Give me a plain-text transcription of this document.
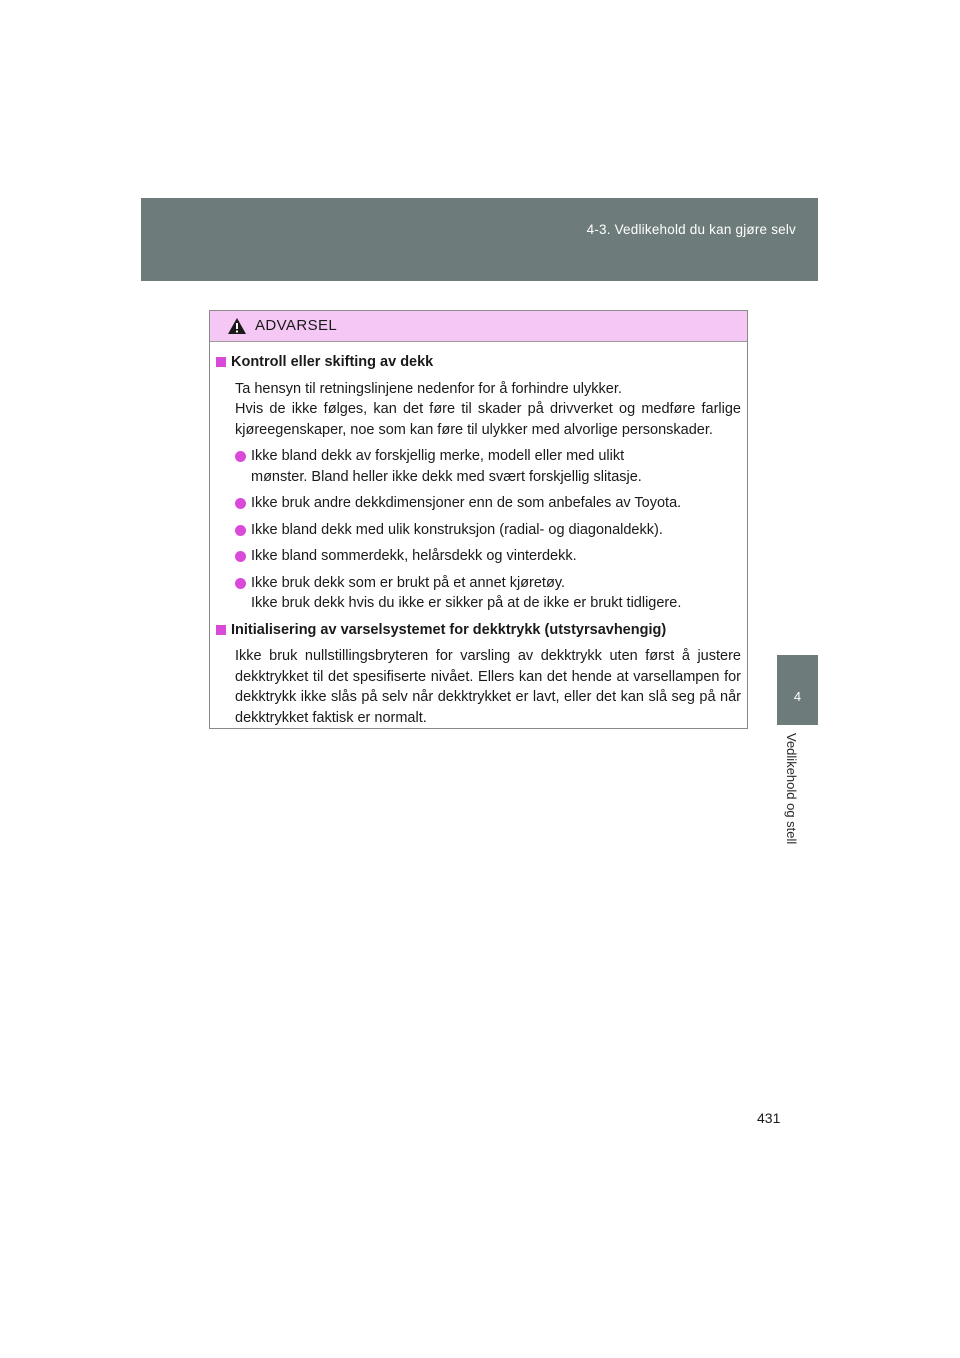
4-3. Vedlikehold du kan gjøre selv
4
Vedlikehold og stell
ADVARSEL
Kontroll eller skifting av dekk
Ta hensyn til retningslinjene nedenfor for å forhindre ulykker.
Hvis de ikke følges, kan det føre til skader på drivverket og medføre farlige kjøreegenskaper, noe som kan føre til ulykker med alvorlige personskader.
Ikke bland dekk av forskjellig merke, modell eller med ulikt
mønster. Bland heller ikke dekk med svært forskjellig slitasje.
Ikke bruk andre dekkdimensjoner enn de som anbefales av Toyota.
Ikke bland dekk med ulik konstruksjon (radial- og diagonaldekk).
Ikke bland sommerdekk, helårsdekk og vinterdekk.
Ikke bruk dekk som er brukt på et annet kjøretøy.
Ikke bruk dekk hvis du ikke er sikker på at de ikke er brukt tidligere.
Initialisering av varselsystemet for dekktrykk (utstyrsavhengig)
Ikke bruk nullstillingsbryteren for varsling av dekktrykk uten først å justere dekktrykket til det spesifiserte nivået. Ellers kan det hende at varsellampen for dekktrykk ikke slås på selv når dekktrykket er lavt, eller det kan slå seg på når dekktrykket faktisk er normalt.
431
